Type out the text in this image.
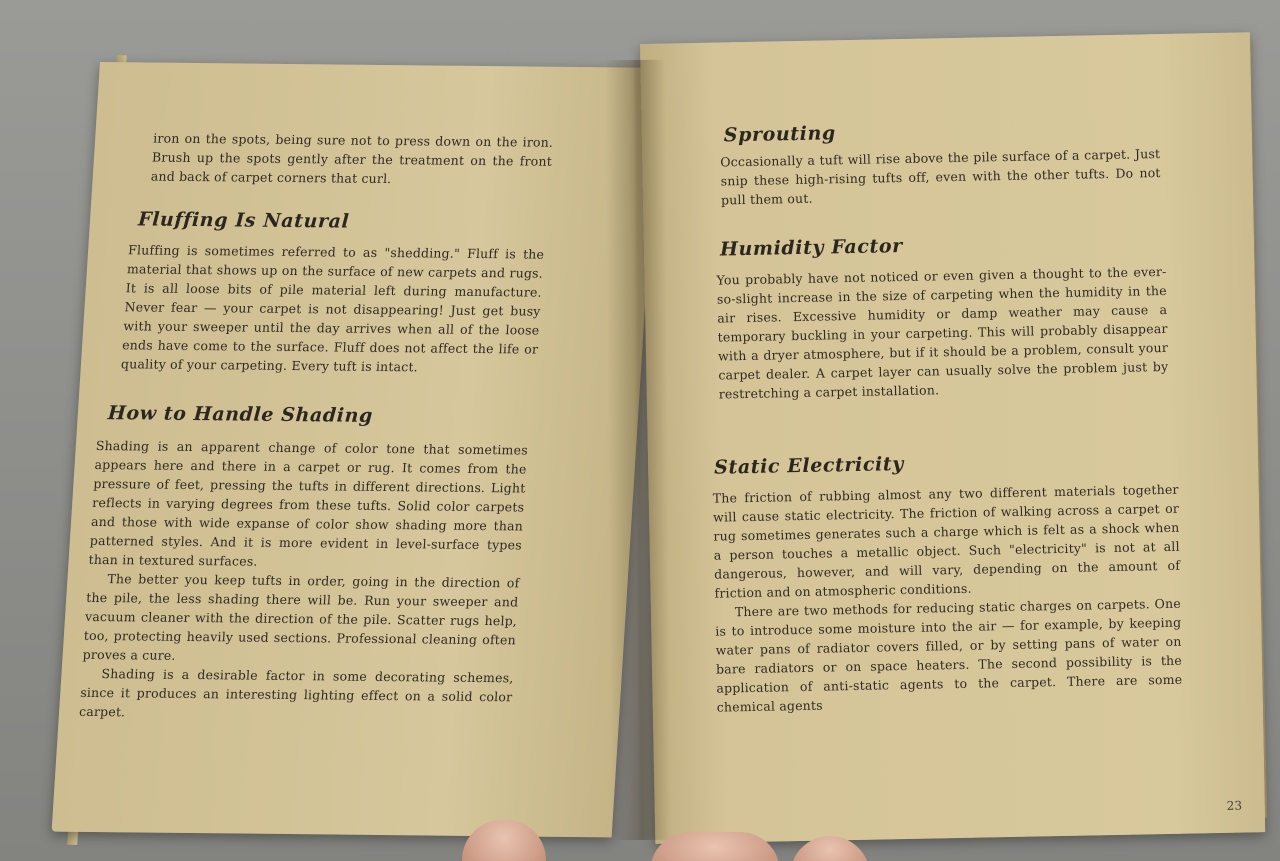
iron on the spots, being sure not to press down on the iron. Brush up the spots gently after the treatment on the front and back of carpet corners that curl.

Fluffing Is Natural

Fluffing is sometimes referred to as "shedding." Fluff is the material that shows up on the surface of new carpets and rugs. It is all loose bits of pile material left during manufacture. Never fear — your carpet is not disappearing! Just get busy with your sweeper until the day arrives when all of the loose ends have come to the surface. Fluff does not affect the life or quality of your carpeting. Every tuft is intact.

How to Handle Shading

Shading is an apparent change of color tone that sometimes appears here and there in a carpet or rug. It comes from the pressure of feet, pressing the tufts in different directions. Light reflects in varying degrees from these tufts. Solid color carpets and those with wide expanse of color show shading more than patterned styles. And it is more evident in level-surface types than in textured surfaces.

The better you keep tufts in order, going in the direction of the pile, the less shading there will be. Run your sweeper and vacuum cleaner with the direction of the pile. Scatter rugs help, too, protecting heavily used sections. Professional cleaning often proves a cure.

Shading is a desirable factor in some decorating schemes, since it produces an interesting lighting effect on a solid color carpet.

Sprouting

Occasionally a tuft will rise above the pile surface of a carpet. Just snip these high-rising tufts off, even with the other tufts. Do not pull them out.

Humidity Factor

You probably have not noticed or even given a thought to the ever-so-slight increase in the size of carpeting when the humidity in the air rises. Excessive humidity or damp weather may cause a temporary buckling in your carpeting. This will probably disappear with a dryer atmosphere, but if it should be a problem, consult your carpet dealer. A carpet layer can usually solve the problem just by restretching a carpet installation.

Static Electricity

The friction of rubbing almost any two different materials together will cause static electricity. The friction of walking across a carpet or rug sometimes generates such a charge which is felt as a shock when a person touches a metallic object. Such "electricity" is not at all dangerous, however, and will vary, depending on the amount of friction and on atmospheric conditions.

There are two methods for reducing static charges on carpets. One is to introduce some moisture into the air — for example, by keeping water pans of radiator covers filled, or by setting pans of water on bare radiators or on space heaters. The second possibility is the application of anti-static agents to the carpet. There are some chemical agents

23
